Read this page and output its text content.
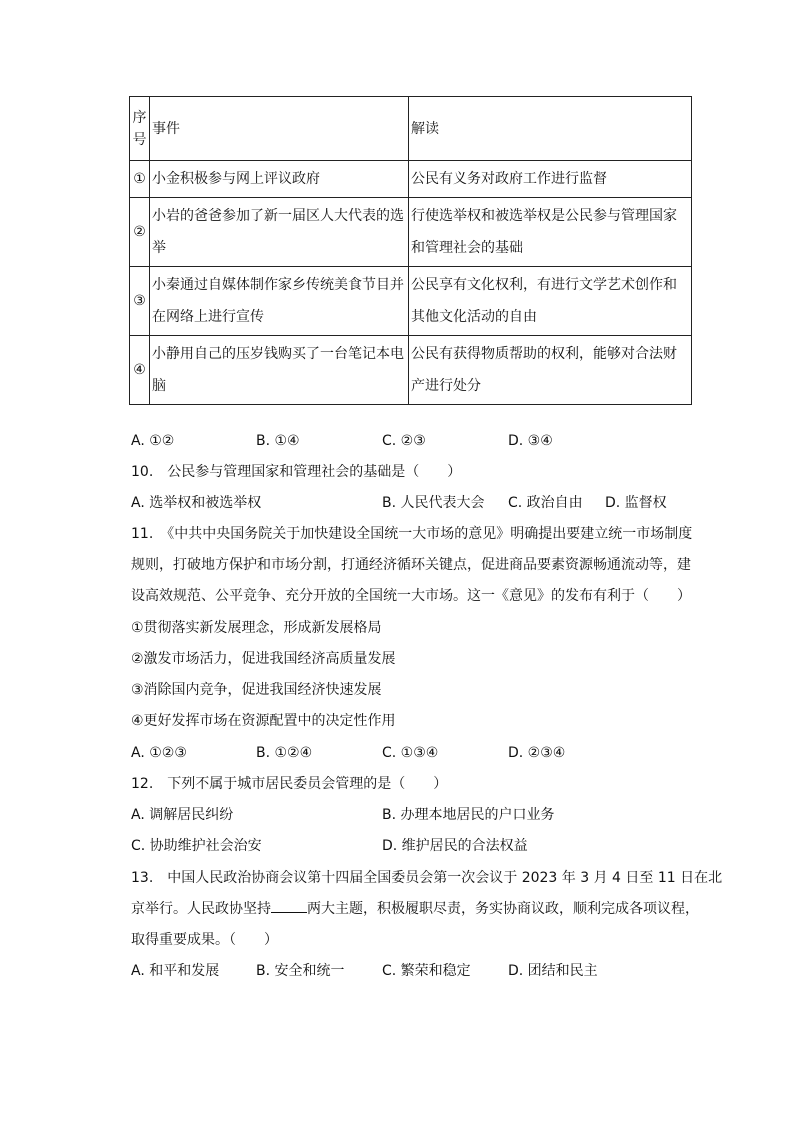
序号	事件	解读
①	小金积极参与网上评议政府	公民有义务对政府工作进行监督
②	小岩的爸爸参加了新一届区人大代表的选举	行使选举权和被选举权是公民参与管理国家和管理社会的基础
③	小秦通过自媒体制作家乡传统美食节目并在网络上进行宣传	公民享有文化权利，有进行文学艺术创作和其他文化活动的自由
④	小静用自己的压岁钱购买了一台笔记本电脑	公民有获得物质帮助的权利，能够对合法财产进行处分
A. ①②	B. ①④	C. ②③	D. ③④
10.　公民参与管理国家和管理社会的基础是（　　）
A. 选举权和被选举权	B. 人民代表大会 C. 政治自由 D. 监督权
11.　《中共中央国务院关于加快建设全国统一大市场的意见》明确提出要建立统一市场制度
规则，打破地方保护和市场分割，打通经济循环关键点，促进商品要素资源畅通流动等，建
设高效规范、公平竞争、充分开放的全国统一大市场。这一《意见》的发布有利于（　　）
①贯彻落实新发展理念，形成新发展格局
②激发市场活力，促进我国经济高质量发展
③消除国内竞争，促进我国经济快速发展
④更好发挥市场在资源配置中的决定性作用
A. ①②③	B. ①②④	C. ①③④	D. ②③④
12.　下列不属于城市居民委员会管理的是（　　）
A. 调解居民纠纷	B. 办理本地居民的户口业务
C. 协助维护社会治安	D. 维护居民的合法权益
13.　中国人民政治协商会议第十四届全国委员会第一次会议于 2023 年 3 月 4 日至 11 日在北
京举行。人民政协坚持	两大主题，积极履职尽责，务实协商议政，顺利完成各项议程，
取得重要成果。（　　）
A. 和平和发展	B. 安全和统一	C. 繁荣和稳定	D. 团结和民主
